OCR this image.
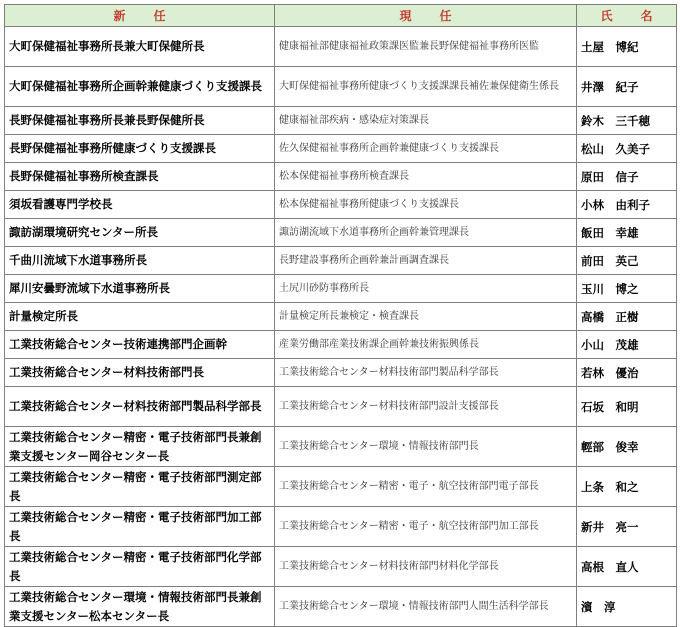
新　任	現　任	氏　名
大町保健福祉事務所長兼大町保健所長	健康福祉部健康福祉政策課医監兼長野保健福祉事務所医監	土屋　博紀
大町保健福祉事務所企画幹兼健康づくり支援課長	大町保健福祉事務所健康づくり支援課課長補佐兼保健衛生係長	井澤　紀子
長野保健福祉事務所長兼長野保健所長	健康福祉部疾病・感染症対策課長	鈴木　三千穂
長野保健福祉事務所健康づくり支援課長	佐久保健福祉事務所企画幹兼健康づくり支援課長	松山　久美子
長野保健福祉事務所検査課長	松本保健福祉事務所検査課長	原田　信子
須坂看護専門学校長	松本保健福祉事務所健康づくり支援課長	小林　由利子
諏訪湖環境研究センター所長	諏訪湖流域下水道事務所企画幹兼管理課長	飯田　幸雄
千曲川流域下水道事務所長	長野建設事務所企画幹兼計画調査課長	前田　英己
犀川安曇野流域下水道事務所長	土尻川砂防事務所長	玉川　博之
計量検定所長	計量検定所長兼検定・検査課長	高橋　正樹
工業技術総合センター技術連携部門企画幹	産業労働部産業技術課企画幹兼技術振興係長	小山　茂雄
工業技術総合センター材料技術部門長	工業技術総合センター材料技術部門製品科学部長	若林　優治
工業技術総合センター材料技術部門製品科学部長	工業技術総合センター材料技術部門設計支援部長	石坂　和明
工業技術総合センター精密・電子技術部門長兼創業支援センター岡谷センター長	工業技術総合センター環境・情報技術部門長	輕部　俊幸
工業技術総合センター精密・電子技術部門測定部長	工業技術総合センター精密・電子・航空技術部門電子部長	上条　和之
工業技術総合センター精密・電子技術部門加工部長	工業技術総合センター精密・電子・航空技術部門加工部長	新井　亮一
工業技術総合センター精密・電子技術部門化学部長	工業技術総合センター材料技術部門材料化学部長	高根　直人
工業技術総合センター環境・情報技術部門長兼創業支援センター松本センター長	工業技術総合センター環境・情報技術部門人間生活科学部長	濱　淳
